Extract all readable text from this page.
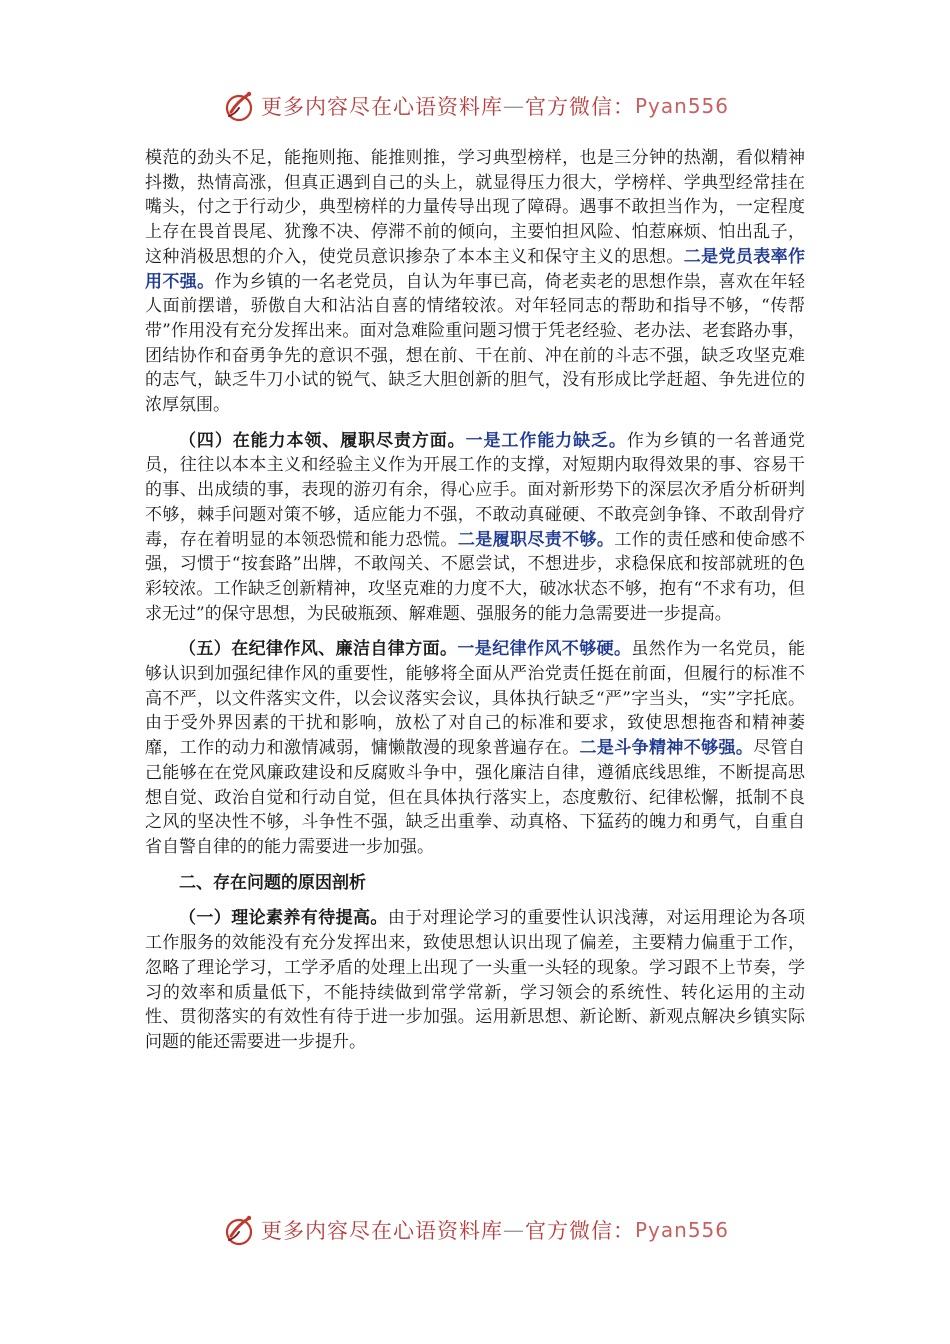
更多内容尽在心语资料库 — 官方微信： Pyan556

模范的劲头不足，能拖则拖、能推则推，学习典型榜样，也是三分钟的热潮，看似精神抖擞，热情高涨，但真正遇到自己的头上，就显得压力很大，学榜样、学典型经常挂在嘴头，付之于行动少，典型榜样的力量传导出现了障碍。遇事不敢担当作为，一定程度上存在畏首畏尾、犹豫不决、停滞不前的倾向，主要怕担风险、怕惹麻烦、怕出乱子，这种消极思想的介入，使党员意识掺杂了本本主义和保守主义的思想。二是党员表率作用不强。作为乡镇的一名老党员，自认为年事已高，倚老卖老的思想作祟，喜欢在年轻人面前摆谱，骄傲自大和沾沾自喜的情绪较浓。对年轻同志的帮助和指导不够，“传帮带”作用没有充分发挥出来。面对急难险重问题习惯于凭老经验、老办法、老套路办事，团结协作和奋勇争先的意识不强，想在前、干在前、冲在前的斗志不强，缺乏攻坚克难的志气，缺乏牛刀小试的锐气、缺乏大胆创新的胆气，没有形成比学赶超、争先进位的浓厚氛围。

（四）在能力本领、履职尽责方面。一是工作能力缺乏。作为乡镇的一名普通党员，往往以本本主义和经验主义作为开展工作的支撑，对短期内取得效果的事、容易干的事、出成绩的事，表现的游刃有余，得心应手。面对新形势下的深层次矛盾分析研判不够，棘手问题对策不够，适应能力不强，不敢动真碰硬、不敢亮剑争锋、不敢刮骨疗毒，存在着明显的本领恐慌和能力恐慌。二是履职尽责不够。工作的责任感和使命感不强，习惯于“按套路”出牌，不敢闯关、不愿尝试，不想进步，求稳保底和按部就班的色彩较浓。工作缺乏创新精神，攻坚克难的力度不大，破冰状态不够，抱有“不求有功，但求无过”的保守思想，为民破瓶颈、解难题、强服务的能力急需要进一步提高。

（五）在纪律作风、廉洁自律方面。一是纪律作风不够硬。虽然作为一名党员，能够认识到加强纪律作风的重要性，能够将全面从严治党责任挺在前面，但履行的标准不高不严，以文件落实文件，以会议落实会议，具体执行缺乏“严”字当头，“实”字托底。由于受外界因素的干扰和影响，放松了对自己的标准和要求，致使思想拖沓和精神萎靡，工作的动力和激情减弱，慵懒散漫的现象普遍存在。二是斗争精神不够强。尽管自己能够在在党风廉政建设和反腐败斗争中，强化廉洁自律，遵循底线思维，不断提高思想自觉、政治自觉和行动自觉，但在具体执行落实上，态度敷衍、纪律松懈，抵制不良之风的坚决性不够，斗争性不强，缺乏出重拳、动真格、下猛药的魄力和勇气，自重自省自警自律的的能力需要进一步加强。

二、存在问题的原因剖析

（一）理论素养有待提高。由于对理论学习的重要性认识浅薄，对运用理论为各项工作服务的效能没有充分发挥出来，致使思想认识出现了偏差，主要精力偏重于工作，忽略了理论学习，工学矛盾的处理上出现了一头重一头轻的现象。学习跟不上节奏，学习的效率和质量低下，不能持续做到常学常新，学习领会的系统性、转化运用的主动性、贯彻落实的有效性有待于进一步加强。运用新思想、新论断、新观点解决乡镇实际问题的能还需要进一步提升。

更多内容尽在心语资料库 — 官方微信： Pyan556
